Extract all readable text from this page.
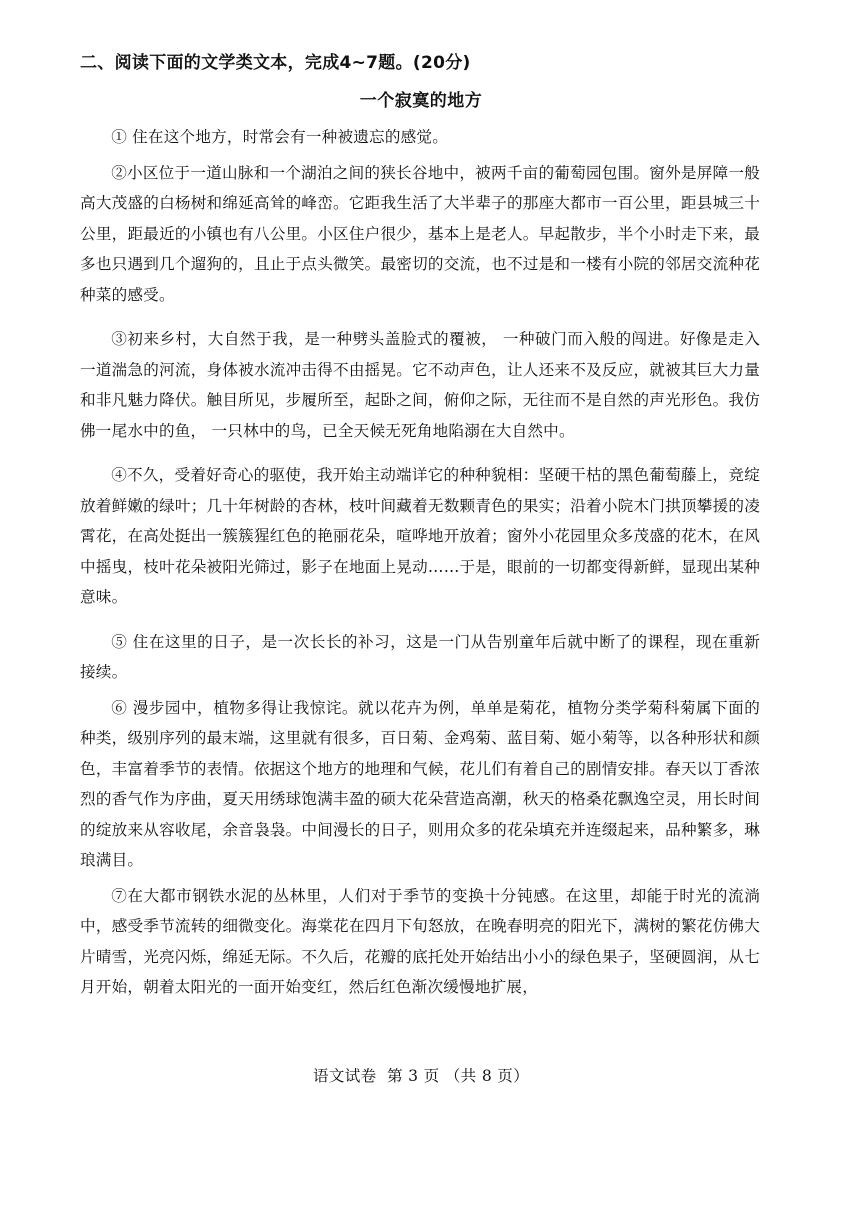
二、阅读下面的文学类文本，完成4~7题。(20分)
一个寂寞的地方

① 住在这个地方，时常会有一种被遗忘的感觉。

②小区位于一道山脉和一个湖泊之间的狭长谷地中，被两千亩的葡萄园包围。窗外是屏障一般高大茂盛的白杨树和绵延高耸的峰峦。它距我生活了大半辈子的那座大都市一百公里，距县城三十公里，距最近的小镇也有八公里。小区住户很少，基本上是老人。早起散步，半个小时走下来，最多也只遇到几个遛狗的，且止于点头微笑。最密切的交流，也不过是和一楼有小院的邻居交流种花种菜的感受。

③初来乡村，大自然于我，是一种劈头盖脸式的覆被， 一种破门而入般的闯进。好像是走入一道湍急的河流，身体被水流冲击得不由摇晃。它不动声色，让人还来不及反应，就被其巨大力量和非凡魅力降伏。触目所见，步履所至，起卧之间，俯仰之际，无往而不是自然的声光形色。我仿佛一尾水中的鱼， 一只林中的鸟，已全天候无死角地陷溺在大自然中。

④不久，受着好奇心的驱使，我开始主动端详它的种种貌相：坚硬干枯的黑色葡萄藤上，竞绽放着鲜嫩的绿叶；几十年树龄的杏林，枝叶间藏着无数颗青色的果实；沿着小院木门拱顶攀援的凌霄花，在高处挺出一簇簇猩红色的艳丽花朵，喧哗地开放着；窗外小花园里众多茂盛的花木，在风中摇曳，枝叶花朵被阳光筛过，影子在地面上晃动……于是，眼前的一切都变得新鲜，显现出某种意味。

⑤ 住在这里的日子，是一次长长的补习，这是一门从告别童年后就中断了的课程，现在重新接续。

⑥ 漫步园中，植物多得让我惊诧。就以花卉为例，单单是菊花，植物分类学菊科菊属下面的种类，级别序列的最末端，这里就有很多，百日菊、金鸡菊、蓝目菊、姬小菊等，以各种形状和颜色，丰富着季节的表情。依据这个地方的地理和气候，花儿们有着自己的剧情安排。春天以丁香浓烈的香气作为序曲，夏天用绣球饱满丰盈的硕大花朵营造高潮，秋天的格桑花飘逸空灵，用长时间的绽放来从容收尾，余音袅袅。中间漫长的日子，则用众多的花朵填充并连缀起来，品种繁多，琳琅满目。

⑦在大都市钢铁水泥的丛林里，人们对于季节的变换十分钝感。在这里，却能于时光的流淌中，感受季节流转的细微变化。海棠花在四月下旬怒放，在晚春明亮的阳光下，满树的繁花仿佛大片晴雪，光亮闪烁，绵延无际。不久后，花瓣的底托处开始结出小小的绿色果子，坚硬圆润，从七月开始，朝着太阳光的一面开始变红，然后红色渐次缓慢地扩展，

语文试卷  第 3 页 （共 8 页）
